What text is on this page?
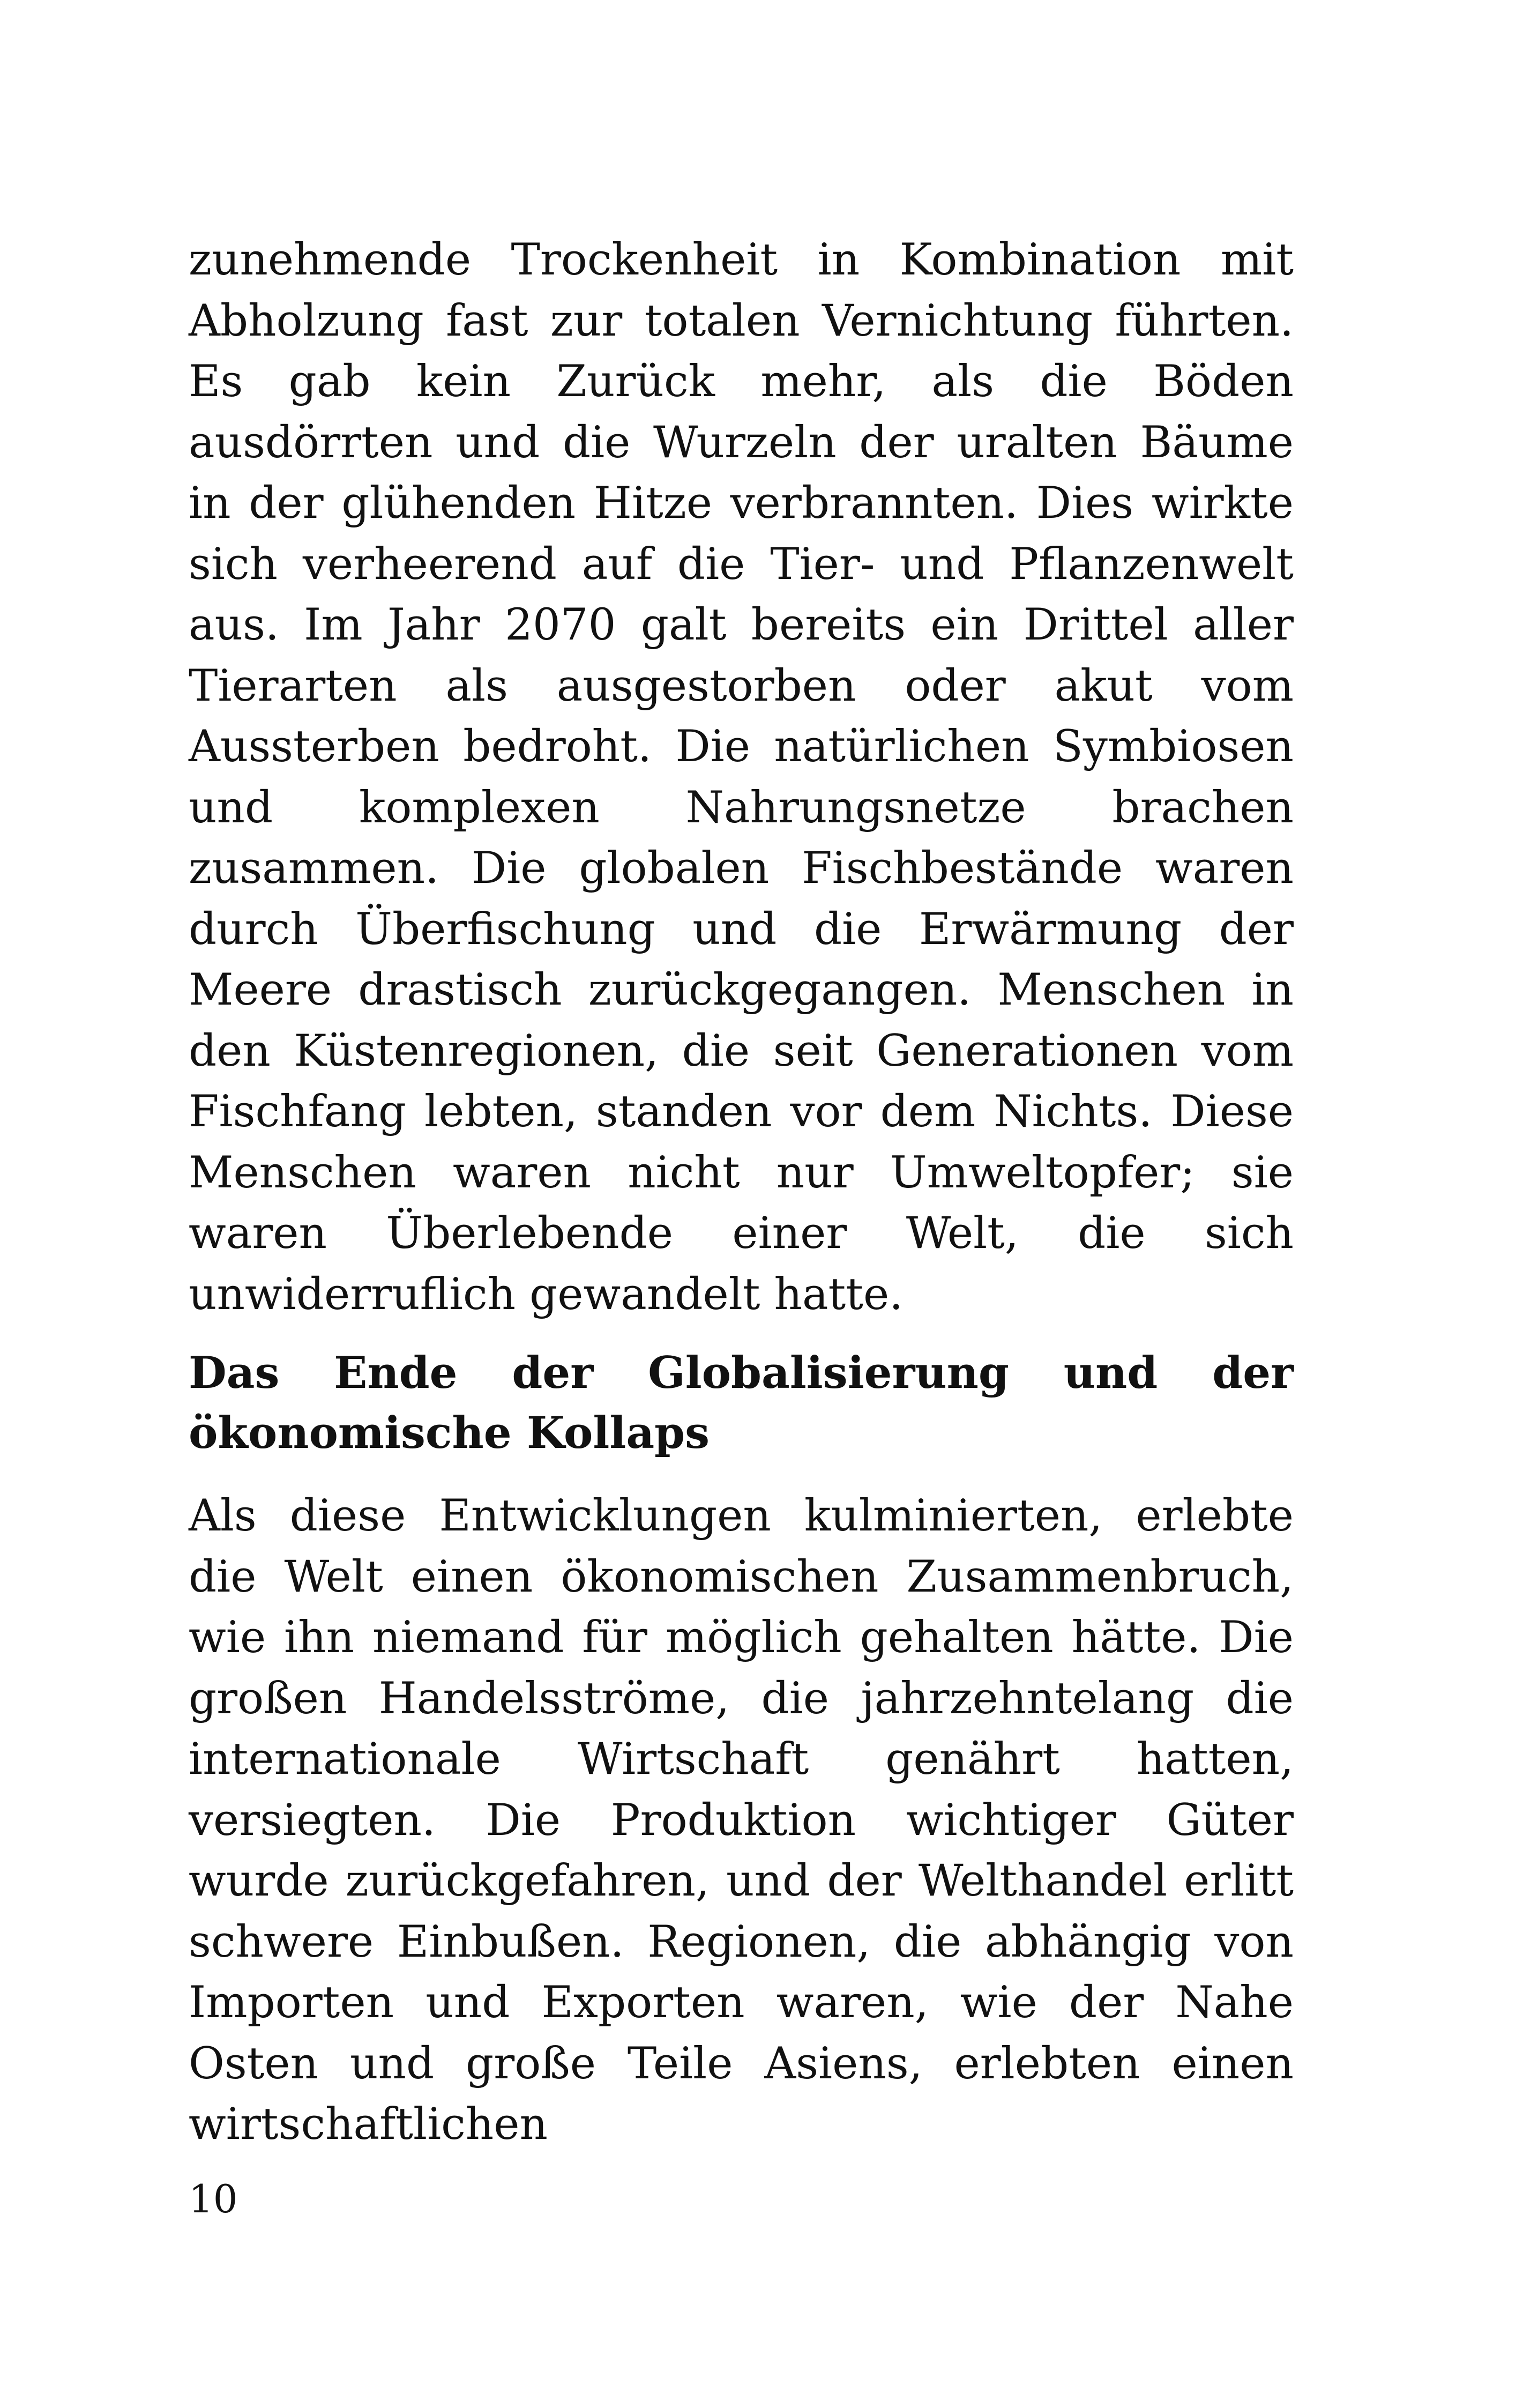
zunehmende Trockenheit in Kombination mit Abholzung fast zur totalen Vernichtung führten. Es gab kein Zurück mehr, als die Böden ausdörrten und die Wurzeln der uralten Bäume in der glühenden Hitze verbrannten. Dies wirkte sich verheerend auf die Tier- und Pflanzenwelt aus. Im Jahr 2070 galt bereits ein Drittel aller Tierarten als ausgestorben oder akut vom Aussterben bedroht. Die natürlichen Symbiosen und komplexen Nahrungsnetze brachen zusammen. Die globalen Fischbestände waren durch Überfischung und die Erwärmung der Meere drastisch zurückgegangen. Menschen in den Küstenregionen, die seit Generationen vom Fischfang lebten, standen vor dem Nichts. Diese Menschen waren nicht nur Umweltopfer; sie waren Überlebende einer Welt, die sich unwiderruflich gewandelt hatte.

Das Ende der Globalisierung und der ökonomische Kollaps

Als diese Entwicklungen kulminierten, erlebte die Welt einen ökonomischen Zusammenbruch, wie ihn niemand für möglich gehalten hätte. Die großen Handelsströme, die jahrzehntelang die internationale Wirtschaft genährt hatten, versiegten. Die Produktion wichtiger Güter wurde zurückgefahren, und der Welthandel erlitt schwere Einbußen. Regionen, die abhängig von Importen und Exporten waren, wie der Nahe Osten und große Teile Asiens, erlebten einen wirtschaftlichen

10
